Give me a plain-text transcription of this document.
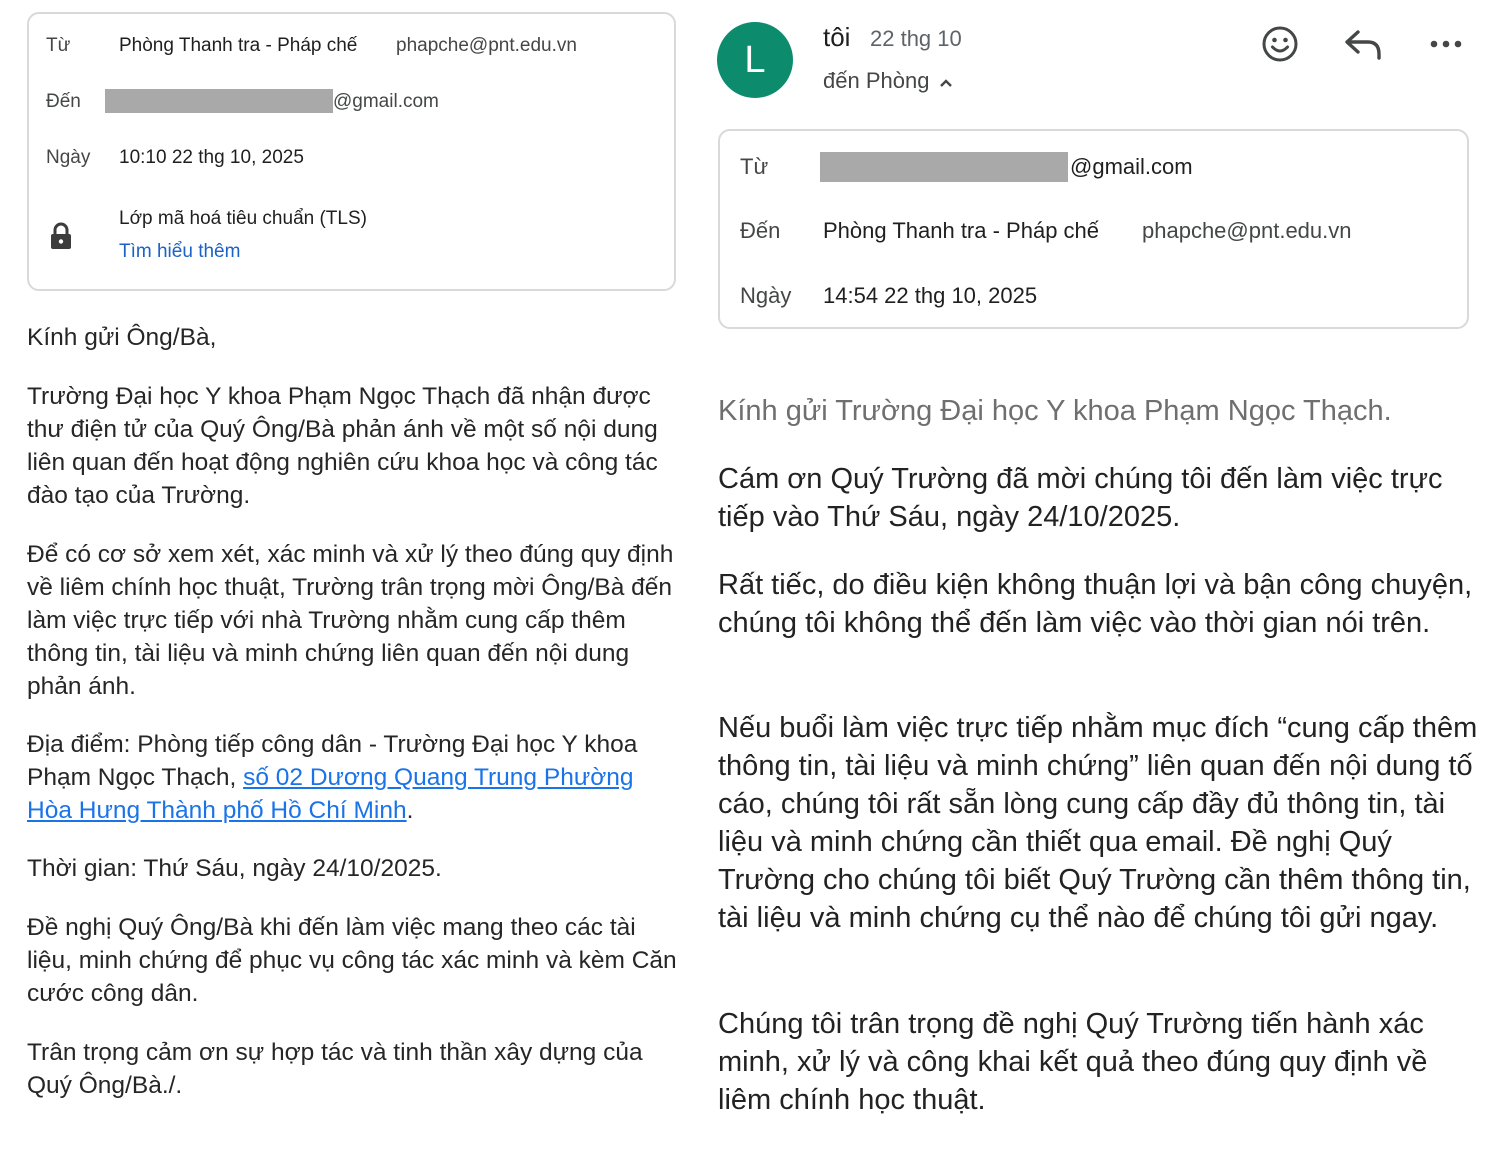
Từ	Phòng Thanh tra - Pháp chế phapche@pnt.edu.vn
Đến	@gmail.com
Ngày 10:10 22 thg 10, 2025
Lớp mã hoá tiêu chuẩn (TLS)
Tìm hiểu thêm
Kính gửi Ông/Bà,
Trường Đại học Y khoa Phạm Ngọc Thạch đã nhận được thư điện tử của Quý Ông/Bà phản ánh về một số nội dung liên quan đến hoạt động nghiên cứu khoa học và công tác đào tạo của Trường.
Để có cơ sở xem xét, xác minh và xử lý theo đúng quy định về liêm chính học thuật, Trường trân trọng mời Ông/Bà đến làm việc trực tiếp với nhà Trường nhằm cung cấp thêm thông tin, tài liệu và minh chứng liên quan đến nội dung phản ánh.
Địa điểm: Phòng tiếp công dân - Trường Đại học Y khoa Phạm Ngọc Thạch, số 02 Dương Quang Trung Phường Hòa Hưng Thành phố Hồ Chí Minh.
Thời gian: Thứ Sáu, ngày 24/10/2025.
Đề nghị Quý Ông/Bà khi đến làm việc mang theo các tài liệu, minh chứng để phục vụ công tác xác minh và kèm Căn cước công dân.
Trân trọng cảm ơn sự hợp tác và tinh thần xây dựng của Quý Ông/Bà./.
L
tôi 22 thg 10
đến Phòng
Từ	@gmail.com
Đến Phòng Thanh tra - Pháp chế phapche@pnt.edu.vn
Ngày 14:54 22 thg 10, 2025
Kính gửi Trường Đại học Y khoa Phạm Ngọc Thạch.
Cám ơn Quý Trường đã mời chúng tôi đến làm việc trực tiếp vào Thứ Sáu, ngày 24/10/2025.
Rất tiếc, do điều kiện không thuận lợi và bận công chuyện, chúng tôi không thể đến làm việc vào thời gian nói trên.
Nếu buổi làm việc trực tiếp nhằm mục đích “cung cấp thêm thông tin, tài liệu và minh chứng” liên quan đến nội dung tố cáo, chúng tôi rất sẵn lòng cung cấp đầy đủ thông tin, tài liệu và minh chứng cần thiết qua email. Đề nghị Quý Trường cho chúng tôi biết Quý Trường cần thêm thông tin, tài liệu và minh chứng cụ thể nào để chúng tôi gửi ngay.
Chúng tôi trân trọng đề nghị Quý Trường tiến hành xác minh, xử lý và công khai kết quả theo đúng quy định về liêm chính học thuật.
